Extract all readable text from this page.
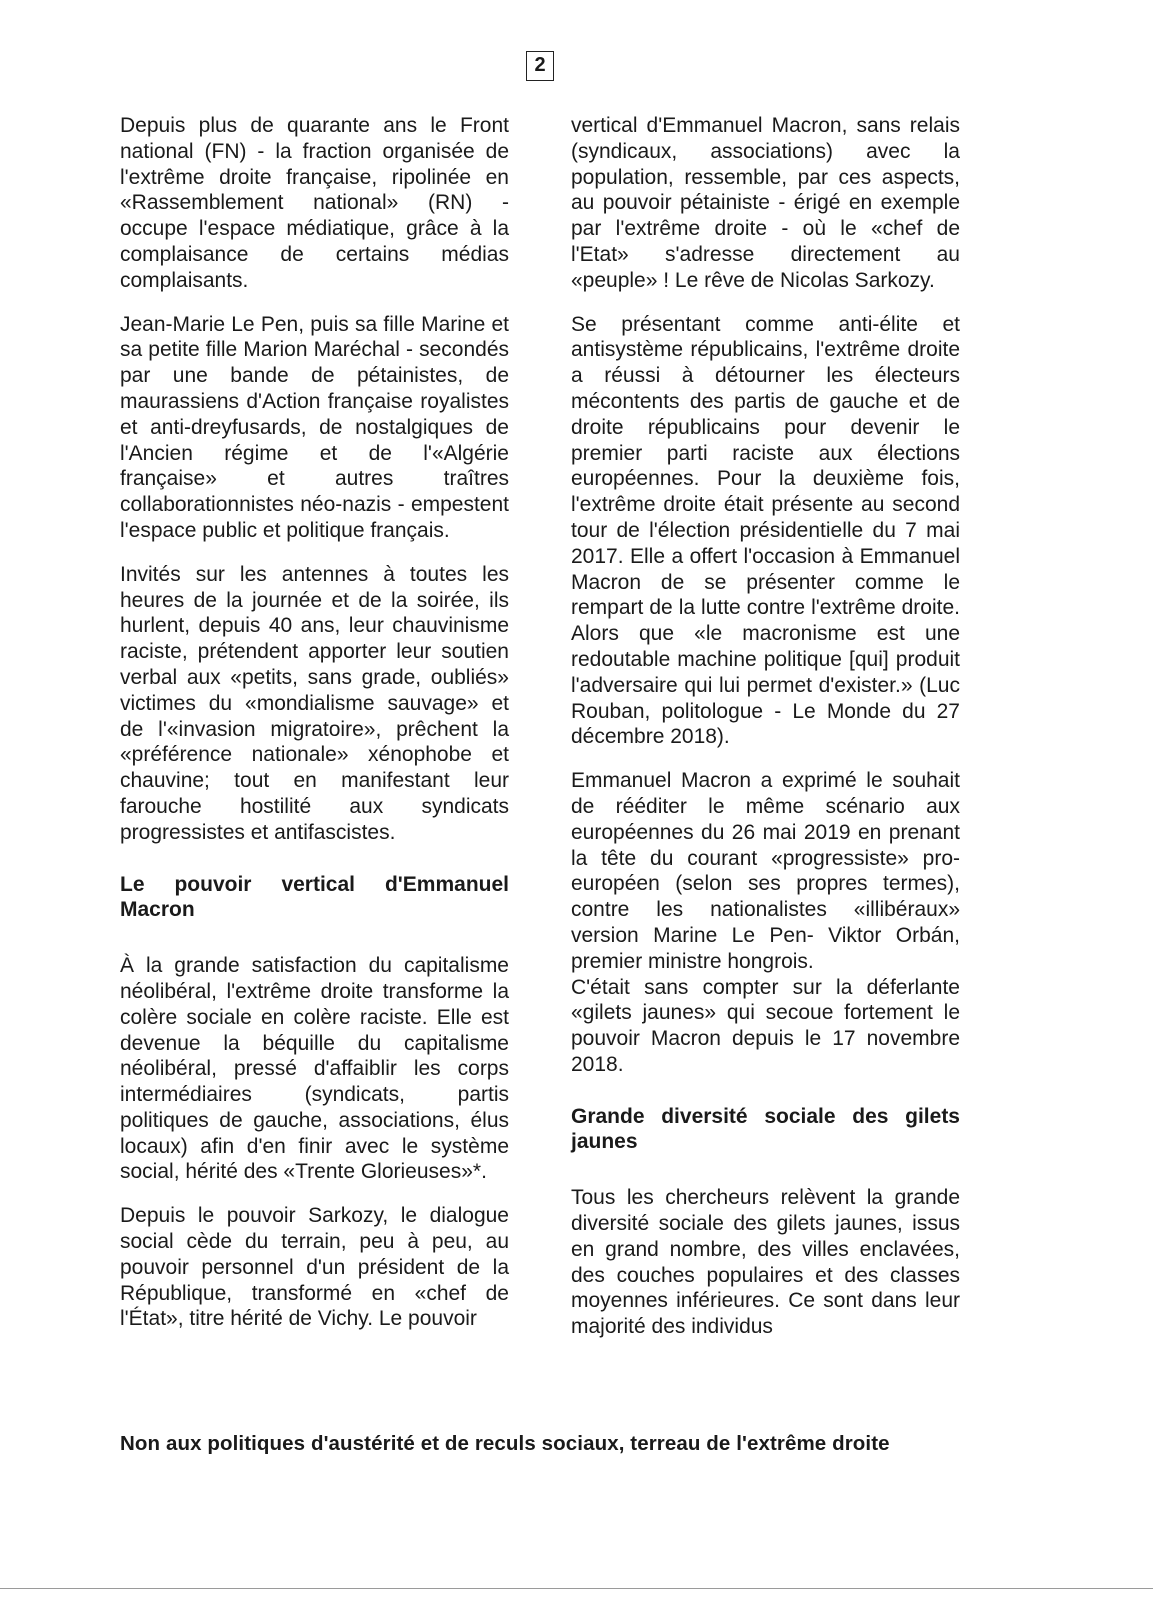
2

Depuis plus de quarante ans le Front national (FN) - la fraction organisée de l'extrême droite française, ripolinée en «Rassemblement national» (RN) - occupe l'espace médiatique, grâce à la complaisance de certains médias complaisants.

Jean-Marie Le Pen, puis sa fille Marine et sa petite fille Marion Maréchal - secondés par une bande de pétainistes, de maurassiens d'Action française royalistes et anti-dreyfusards, de nostalgiques de l'Ancien régime et de l'«Algérie française» et autres traîtres collaborationnistes néo-nazis - empestent l'espace public et politique français.

Invités sur les antennes à toutes les heures de la journée et de la soirée, ils hurlent, depuis 40 ans, leur chauvinisme raciste, prétendent apporter leur soutien verbal aux «petits, sans grade, oubliés» victimes du «mondialisme sauvage» et de l'«invasion migratoire», prêchent la «préférence nationale» xénophobe et chauvine; tout en manifestant leur farouche hostilité aux syndicats progressistes et antifascistes.

Le pouvoir vertical d'Emmanuel Macron

À la grande satisfaction du capitalisme néolibéral, l'extrême droite transforme la colère sociale en colère raciste. Elle est devenue la béquille du capitalisme néolibéral, pressé d'affaiblir les corps intermédiaires (syndicats, partis politiques de gauche, associations, élus locaux) afin d'en finir avec le système social, hérité des «Trente Glorieuses»*.

Depuis le pouvoir Sarkozy, le dialogue social cède du terrain, peu à peu, au pouvoir personnel d'un président de la République, transformé en «chef de l'État», titre hérité de Vichy. Le pouvoir

vertical d'Emmanuel Macron, sans relais (syndicaux, associations) avec la population, ressemble, par ces aspects, au pouvoir pétainiste - érigé en exemple par l'extrême droite - où le «chef de l'Etat» s'adresse directement au «peuple» ! Le rêve de Nicolas Sarkozy.

Se présentant comme anti-élite et antisystème républicains, l'extrême droite a réussi à détourner les électeurs mécontents des partis de gauche et de droite républicains pour devenir le premier parti raciste aux élections européennes. Pour la deuxième fois, l'extrême droite était présente au second tour de l'élection présidentielle du 7 mai 2017. Elle a offert l'occasion à Emmanuel Macron de se présenter comme le rempart de la lutte contre l'extrême droite. Alors que «le macronisme est une redoutable machine politique [qui] produit l'adversaire qui lui permet d'exister.» (Luc Rouban, politologue - Le Monde du 27 décembre 2018).

Emmanuel Macron a exprimé le souhait de rééditer le même scénario aux européennes du 26 mai 2019 en prenant la tête du courant «progressiste» pro-européen (selon ses propres termes), contre les nationalistes «illibéraux» version Marine Le Pen- Viktor Orbán, premier ministre hongrois.

C'était sans compter sur la déferlante «gilets jaunes» qui secoue fortement le pouvoir Macron depuis le 17 novembre 2018.

Grande diversité sociale des gilets jaunes

Tous les chercheurs relèvent la grande diversité sociale des gilets jaunes, issus en grand nombre, des villes enclavées, des couches populaires et des classes moyennes inférieures. Ce sont dans leur majorité des individus

Non aux politiques d'austérité et de reculs sociaux, terreau de l'extrême droite
